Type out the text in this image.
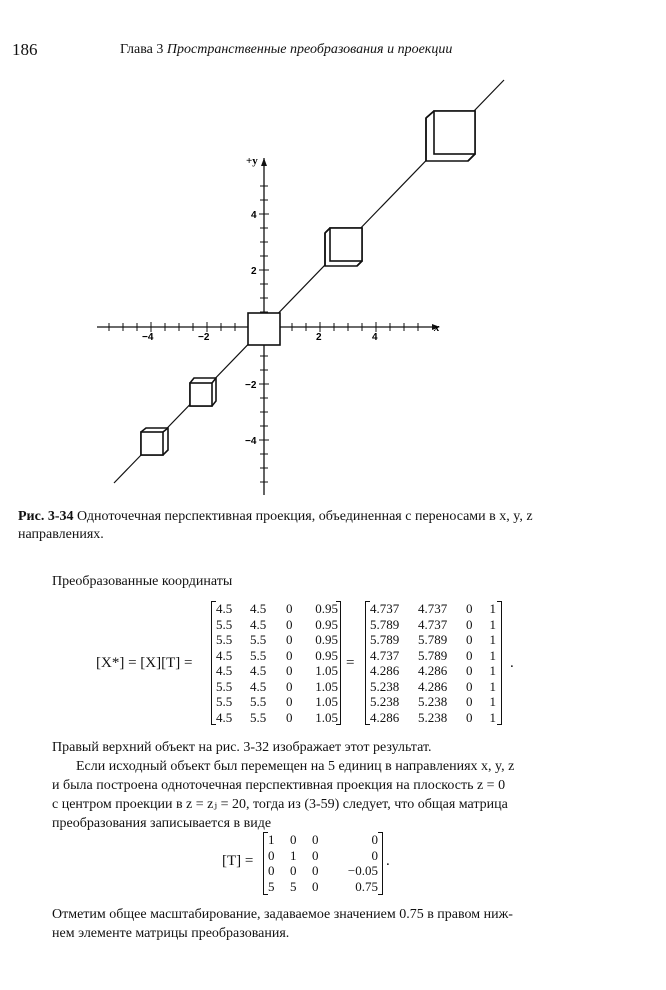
186	Глава 3 Пространственные преобразования и проекции
x
+y
−4	−2	2	4
4
2
−2
−4
Рис. 3-34 Одноточечная перспективная проекция, объединенная с переносами в x, y, z направлениях.
Преобразованные координаты
[X*] = [X][T] =
4.5	4.5	0	0.95
5.5	4.5	0	0.95
5.5	5.5	0	0.95
4.5	5.5	0	0.95
4.5	4.5	0	1.05
5.5	4.5	0	1.05
5.5	5.5	0	1.05
4.5	5.5	0	1.05
=
4.737	4.737	0	1
5.789	4.737	0	1
5.789	5.789	0	1
4.737	5.789	0	1
4.286	4.286	0	1
5.238	4.286	0	1
5.238	5.238	0	1
4.286	5.238	0	1
.
Правый верхний объект на рис. 3-32 изображает этот результат.
Если исходный объект был перемещен на 5 единиц в направлениях x, y, z
и была построена одноточечная перспективная проекция на плоскость z = 0
с центром проекции в z = zⱼ = 20, тогда из (3-59) следует, что общая матрица
преобразования записывается в виде
[T] =
1	0	0	0
0	1	0	0
0	0	0	−0.05
5	5	0	0.75
.
Отметим общее масштабирование, задаваемое значением 0.75 в правом ниж-
нем элементе матрицы преобразования.
